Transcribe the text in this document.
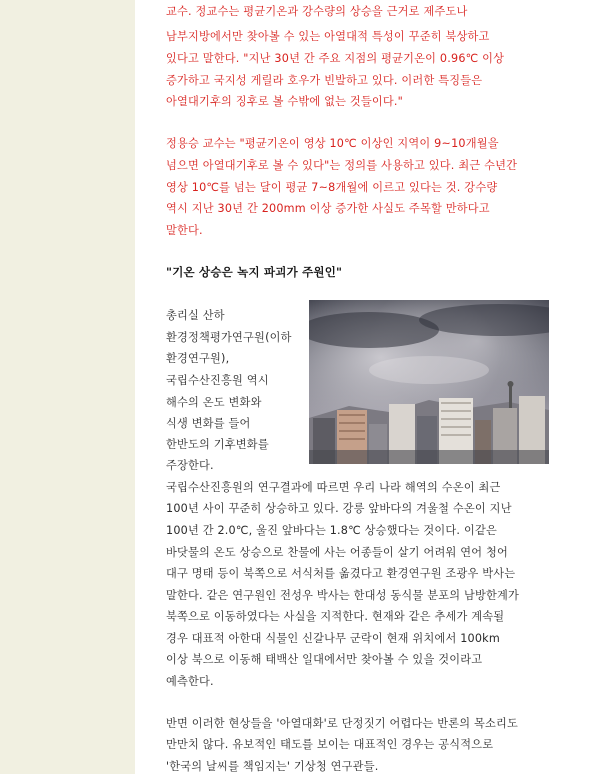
교수. 정교수는 평균기온과 강수량의 상승을 근거로 제주도나
남부지방에서만 찾아볼 수 있는 아열대적 특성이 꾸준히 북상하고
있다고 말한다. "지난 30년 간 주요 지점의 평균기온이 0.96℃ 이상
증가하고 국지성 게릴라 호우가 빈발하고 있다. 이러한 특징들은
아열대기후의 징후로 볼 수밖에 없는 것들이다."
정용승 교수는 "평균기온이 영상 10℃ 이상인 지역이 9~10개월을
넘으면 아열대기후로 볼 수 있다"는 정의를 사용하고 있다. 최근 수년간
영상 10℃를 넘는 달이 평균 7~8개월에 이르고 있다는 것. 강수량
역시 지난 30년 간 200mm 이상 증가한 사실도 주목할 만하다고
말한다.
"기온 상승은 녹지 파괴가 주원인"
총리실 산하
환경정책평가연구원(이하
환경연구원),
국립수산진흥원 역시
해수의 온도 변화와
식생 변화를 들어
한반도의 기후변화를
주장한다.
국립수산진흥원의 연구결과에 따르면 우리 나라 해역의 수온이 최근
100년 사이 꾸준히 상승하고 있다. 강릉 앞바다의 겨울철 수온이 지난
100년 간 2.0℃, 울진 앞바다는 1.8℃ 상승했다는 것이다. 이같은
바닷물의 온도 상승으로 찬물에 사는 어종들이 살기 어려워 연어 청어
대구 명태 등이 북쪽으로 서식처를 옮겼다고 환경연구원 조광우 박사는
말한다. 같은 연구원인 전성우 박사는 한대성 동식물 분포의 남방한계가
북쪽으로 이동하였다는 사실을 지적한다. 현재와 같은 추세가 계속될
경우 대표적 아한대 식물인 신갈나무 군락이 현재 위치에서 100km
이상 북으로 이동해 태백산 일대에서만 찾아볼 수 있을 것이라고
예측한다.
반면 이러한 현상들을 '아열대화'로 단정짓기 어렵다는 반론의 목소리도
만만치 않다. 유보적인 태도를 보이는 대표적인 경우는 공식적으로
'한국의 날씨를 책임지는' 기상청 연구관들.
